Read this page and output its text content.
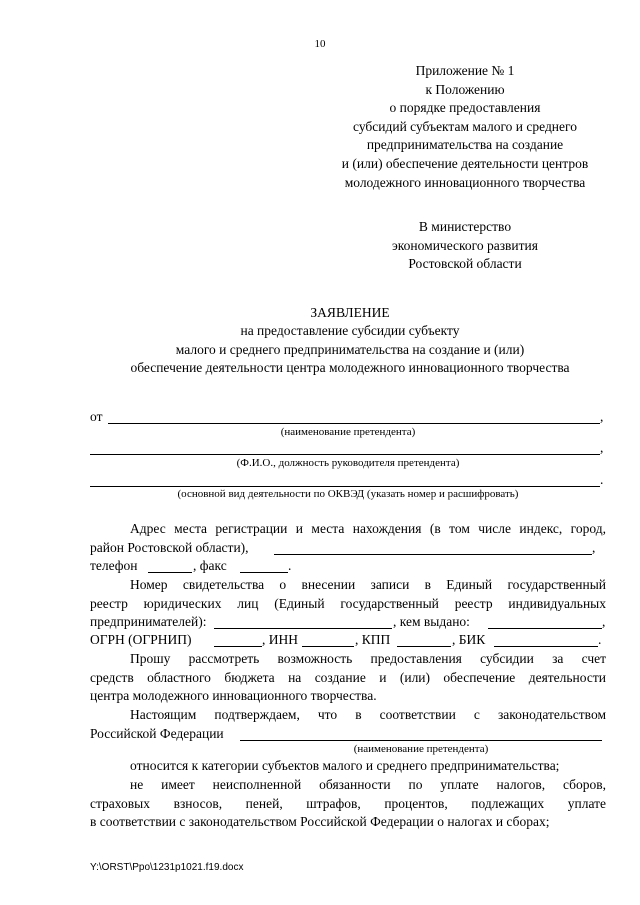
10
Приложение № 1
к Положению
о порядке предоставления
субсидий субъектам малого и среднего
предпринимательства на создание
и (или) обеспечение деятельности центров
молодежного инновационного творчества
В министерство
экономического развития
Ростовской области
ЗАЯВЛЕНИЕ
на предоставление субсидии субъекту
малого и среднего предпринимательства на создание и (или)
обеспечение деятельности центра молодежного инновационного творчества
от	,
(наименование претендента)
,
(Ф.И.О., должность руководителя претендента)
.
(основной вид деятельности по ОКВЭД (указать номер и расшифровать)
Адрес места регистрации и места нахождения (в том числе индекс, город,
район Ростовской области),	,
телефон	, факс	.
Номер свидетельства о внесении записи в Единый государственный
реестр юридических лиц (Единый государственный реестр индивидуальных
предпринимателей):	, кем выдано:	,
ОГРН (ОГРНИП)	, ИНН	, КПП	, БИК	.
Прошу рассмотреть возможность предоставления субсидии за счет
средств областного бюджета на создание и (или) обеспечение деятельности
центра молодежного инновационного творчества.
Настоящим подтверждаем, что в соответствии с законодательством
Российской Федерации
(наименование претендента)
относится к категории субъектов малого и среднего предпринимательства;
не имеет неисполненной обязанности по уплате налогов, сборов,
страховых взносов, пеней, штрафов, процентов, подлежащих уплате
в соответствии с законодательством Российской Федерации о налогах и сборах;
Y:\ORST\Ppo\1231p1021.f19.docx
